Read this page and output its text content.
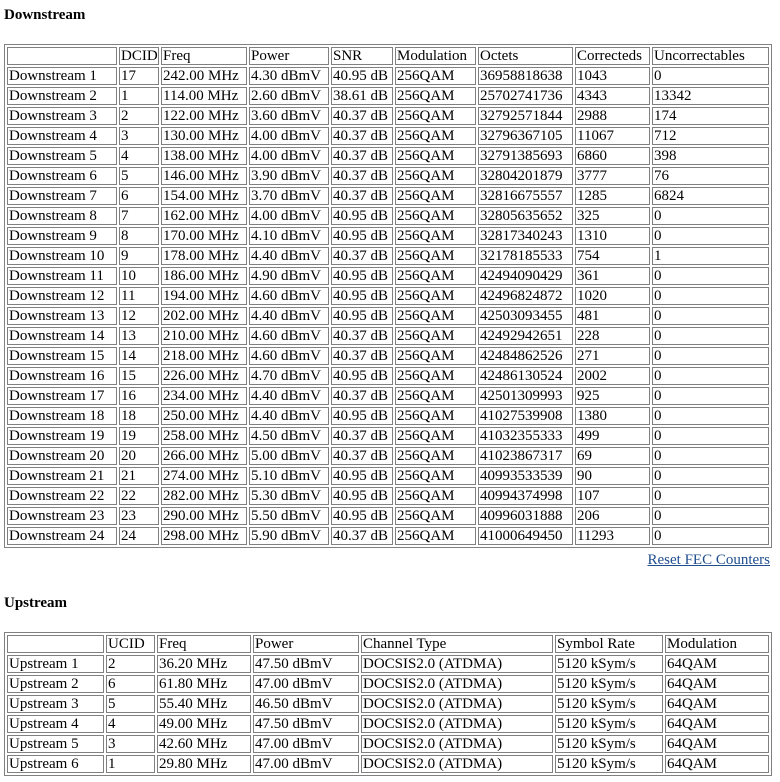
Downstream
	DCID	Freq	Power	SNR	Modulation	Octets	Correcteds	Uncorrectables
Downstream 1	17	242.00 MHz	4.30 dBmV	40.95 dB	256QAM	36958818638	1043	0
Downstream 2	1	114.00 MHz	2.60 dBmV	38.61 dB	256QAM	25702741736	4343	13342
Downstream 3	2	122.00 MHz	3.60 dBmV	40.37 dB	256QAM	32792571844	2988	174
Downstream 4	3	130.00 MHz	4.00 dBmV	40.37 dB	256QAM	32796367105	11067	712
Downstream 5	4	138.00 MHz	4.00 dBmV	40.37 dB	256QAM	32791385693	6860	398
Downstream 6	5	146.00 MHz	3.90 dBmV	40.37 dB	256QAM	32804201879	3777	76
Downstream 7	6	154.00 MHz	3.70 dBmV	40.37 dB	256QAM	32816675557	1285	6824
Downstream 8	7	162.00 MHz	4.00 dBmV	40.95 dB	256QAM	32805635652	325	0
Downstream 9	8	170.00 MHz	4.10 dBmV	40.95 dB	256QAM	32817340243	1310	0
Downstream 10	9	178.00 MHz	4.40 dBmV	40.37 dB	256QAM	32178185533	754	1
Downstream 11	10	186.00 MHz	4.90 dBmV	40.95 dB	256QAM	42494090429	361	0
Downstream 12	11	194.00 MHz	4.60 dBmV	40.95 dB	256QAM	42496824872	1020	0
Downstream 13	12	202.00 MHz	4.40 dBmV	40.95 dB	256QAM	42503093455	481	0
Downstream 14	13	210.00 MHz	4.60 dBmV	40.37 dB	256QAM	42492942651	228	0
Downstream 15	14	218.00 MHz	4.60 dBmV	40.37 dB	256QAM	42484862526	271	0
Downstream 16	15	226.00 MHz	4.70 dBmV	40.95 dB	256QAM	42486130524	2002	0
Downstream 17	16	234.00 MHz	4.40 dBmV	40.37 dB	256QAM	42501309993	925	0
Downstream 18	18	250.00 MHz	4.40 dBmV	40.95 dB	256QAM	41027539908	1380	0
Downstream 19	19	258.00 MHz	4.50 dBmV	40.37 dB	256QAM	41032355333	499	0
Downstream 20	20	266.00 MHz	5.00 dBmV	40.37 dB	256QAM	41023867317	69	0
Downstream 21	21	274.00 MHz	5.10 dBmV	40.95 dB	256QAM	40993533539	90	0
Downstream 22	22	282.00 MHz	5.30 dBmV	40.95 dB	256QAM	40994374998	107	0
Downstream 23	23	290.00 MHz	5.50 dBmV	40.95 dB	256QAM	40996031888	206	0
Downstream 24	24	298.00 MHz	5.90 dBmV	40.37 dB	256QAM	41000649450	11293	0
Reset FEC Counters
Upstream
	UCID	Freq	Power	Channel Type	Symbol Rate	Modulation
Upstream 1	2	36.20 MHz	47.50 dBmV	DOCSIS2.0 (ATDMA)	5120 kSym/s	64QAM
Upstream 2	6	61.80 MHz	47.00 dBmV	DOCSIS2.0 (ATDMA)	5120 kSym/s	64QAM
Upstream 3	5	55.40 MHz	46.50 dBmV	DOCSIS2.0 (ATDMA)	5120 kSym/s	64QAM
Upstream 4	4	49.00 MHz	47.50 dBmV	DOCSIS2.0 (ATDMA)	5120 kSym/s	64QAM
Upstream 5	3	42.60 MHz	47.00 dBmV	DOCSIS2.0 (ATDMA)	5120 kSym/s	64QAM
Upstream 6	1	29.80 MHz	47.00 dBmV	DOCSIS2.0 (ATDMA)	5120 kSym/s	64QAM
